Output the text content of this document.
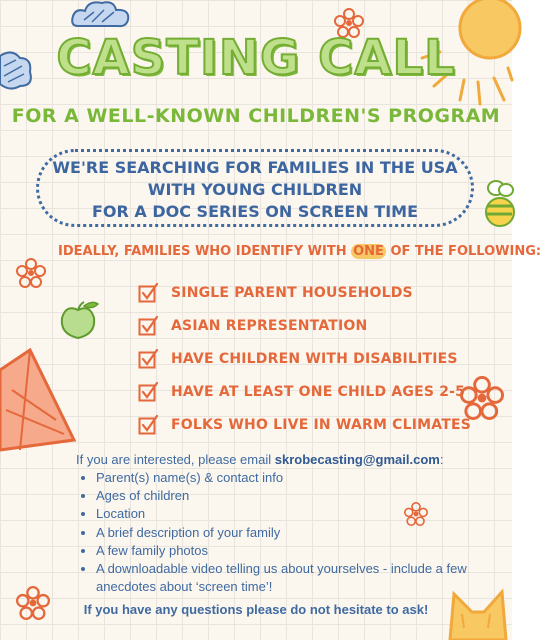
CASTING CALL
FOR A WELL-KNOWN CHILDREN'S PROGRAM
WE'RE SEARCHING FOR FAMILIES IN THE USA
WITH YOUNG CHILDREN
FOR A DOC SERIES ON SCREEN TIME
IDEALLY, FAMILIES WHO IDENTIFY WITH ONE OF THE FOLLOWING:
SINGLE PARENT HOUSEHOLDS
ASIAN REPRESENTATION
HAVE CHILDREN WITH DISABILITIES
HAVE AT LEAST ONE CHILD AGES 2-5
FOLKS WHO LIVE IN WARM CLIMATES
If you are interested, please email skrobecasting@gmail.com:
• Parent(s) name(s) & contact info
• Ages of children
• Location
• A brief description of your family
• A few family photos
• A downloadable video telling us about yourselves - include a few anecdotes about ‘screen time’!
If you have any questions please do not hesitate to ask!
